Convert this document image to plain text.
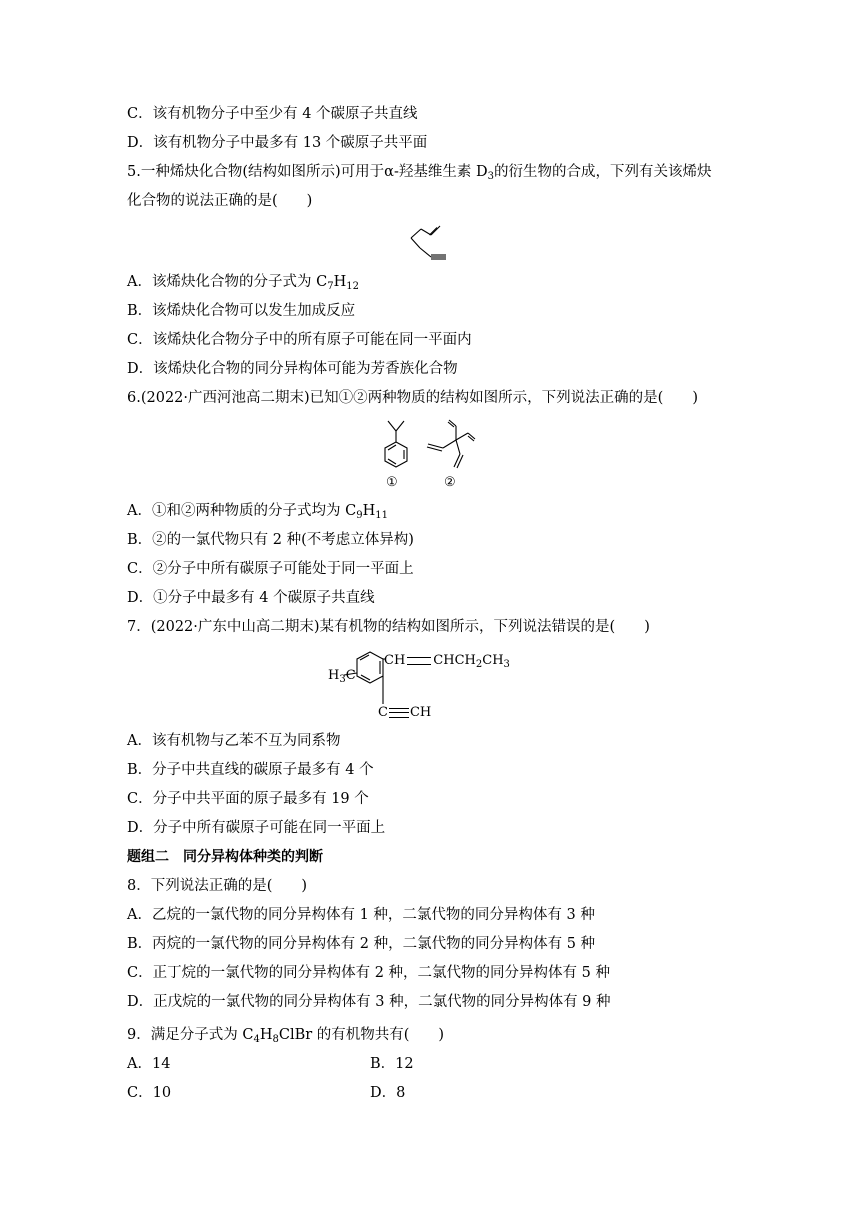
C．该有机物分子中至少有 4 个碳原子共直线
D．该有机物分子中最多有 13 个碳原子共平面
5.一种烯炔化合物(结构如图所示)可用于α-羟基维生素 $D_3$的衍生物的合成，下列有关该烯炔
化合物的说法正确的是(　　)
A．该烯炔化合物的分子式为 $C_7H_{12}$
B．该烯炔化合物可以发生加成反应
C．该烯炔化合物分子中的所有原子可能在同一平面内
D．该烯炔化合物的同分异构体可能为芳香族化合物
6.(2022·广西河池高二期末)已知①②两种物质的结构如图所示，下列说法正确的是(　　)
①	②
A．①和②两种物质的分子式均为 $C_9H_{11}$
B．②的一氯代物只有 2 种(不考虑立体异构)
C．②分子中所有碳原子可能处于同一平面上
D．①分子中最多有 4 个碳原子共直线
7．(2022·广东中山高二期末)某有机物的结构如图所示，下列说法错误的是(　　)
$H_3C$
CH $CHCH_2CH_3$
C CH
A．该有机物与乙苯不互为同系物
B．分子中共直线的碳原子最多有 4 个
C．分子中共平面的原子最多有 19 个
D．分子中所有碳原子可能在同一平面上
题组二　同分异构体种类的判断
8．下列说法正确的是(　　)
A．乙烷的一氯代物的同分异构体有 1 种，二氯代物的同分异构体有 3 种
B．丙烷的一氯代物的同分异构体有 2 种，二氯代物的同分异构体有 5 种
C．正丁烷的一氯代物的同分异构体有 2 种，二氯代物的同分异构体有 5 种
D．正戊烷的一氯代物的同分异构体有 3 种，二氯代物的同分异构体有 9 种
9．满足分子式为 $C_4H_8ClBr$ 的有机物共有(　　)
A．14	B．12
C．10	D．8
